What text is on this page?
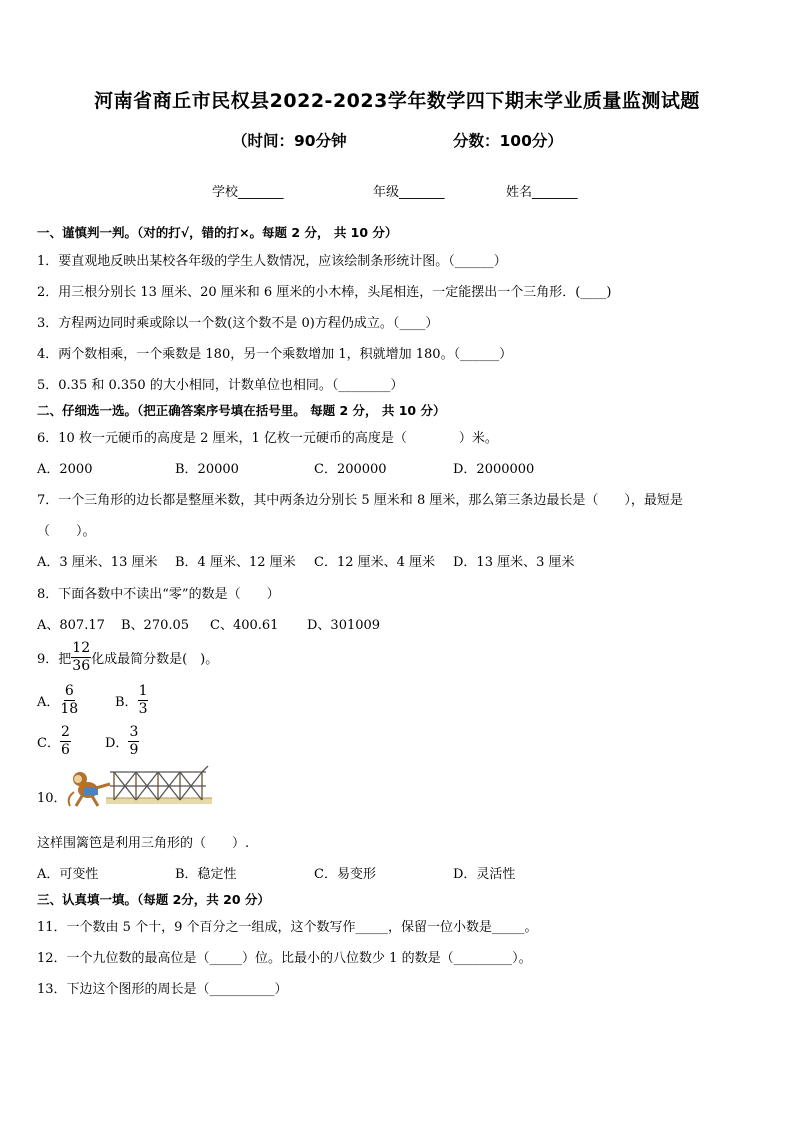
河南省商丘市民权县2022-2023学年数学四下期末学业质量监测试题
（时间：90分钟	分数：100分）
学校_______	年级_______	姓名_______
一、谨慎判一判。（对的打√，错的打×。每题 2 分， 共 10 分）
1．要直观地反映出某校各年级的学生人数情况，应该绘制条形统计图。（______）
2．用三根分别长 13 厘米、20 厘米和 6 厘米的小木棒，头尾相连，一定能摆出一个三角形．(____)
3．方程两边同时乘或除以一个数(这个数不是 0)方程仍成立。（____）
4．两个数相乘，一个乘数是 180，另一个乘数增加 1，积就增加 180。（______）
5．0.35 和 0.350 的大小相同，计数单位也相同。（________）
二、仔细选一选。（把正确答案序号填在括号里。 每题 2 分， 共 10 分）
6．10 枚一元硬币的高度是 2 厘米，1 亿枚一元硬币的高度是（　　　　）米。
A．2000	B．20000	C．200000	D．2000000
7．一个三角形的边长都是整厘米数，其中两条边分别长 5 厘米和 8 厘米，那么第三条边最长是（　　），最短是
（　　）。
A．3 厘米、13 厘米 B．4 厘米、12 厘米 C．12 厘米、4 厘米 D．13 厘米、3 厘米
8．下面各数中不读出“零”的数是（　　）
A、807.17 B、270.05 C、400.61 D、301009
9．把 $\frac{12}{36}$ 化成最简分数是(　)。
A． $\frac{6}{18}$	B． $\frac{1}{3}$
C． $\frac{2}{6}$	D． $\frac{3}{9}$
10．
这样围篱笆是利用三角形的（　　）.
A．可变性	B．稳定性	C．易变形	D．灵活性
三、认真填一填。（每题 2分，共 20 分）
11．一个数由 5 个十，9 个百分之一组成，这个数写作_____，保留一位小数是_____。
12．一个九位数的最高位是（_____）位。比最小的八位数少 1 的数是（_________）。
13．下边这个图形的周长是（__________）
